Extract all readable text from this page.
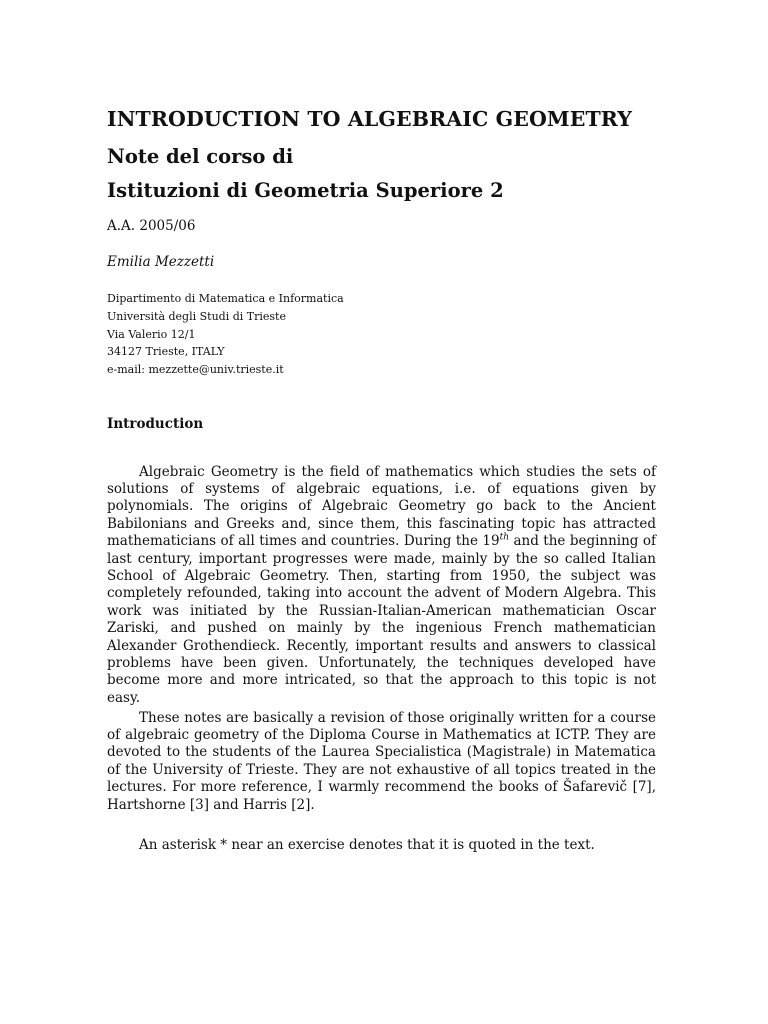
INTRODUCTION TO ALGEBRAIC GEOMETRY
Note del corso di
Istituzioni di Geometria Superiore 2
A.A. 2005/06
Emilia Mezzetti
Dipartimento di Matematica e Informatica
Università degli Studi di Trieste
Via Valerio 12/1
34127 Trieste, ITALY
e-mail: mezzette@univ.trieste.it
Introduction

Algebraic Geometry is the field of mathematics which studies the sets of solutions of systems of algebraic equations, i.e. of equations given by polynomials. The origins of Algebraic Geometry go back to the Ancient Babilonians and Greeks and, since them, this fascinating topic has attracted mathematicians of all times and countries. During the 19th and the beginning of last century, important progresses were made, mainly by the so called Italian School of Algebraic Geometry. Then, starting from 1950, the subject was completely refounded, taking into account the advent of Modern Algebra. This work was initiated by the Russian-Italian-American mathematician Oscar Zariski, and pushed on mainly by the ingenious French mathematician Alexander Grothendieck. Recently, important results and answers to classical problems have been given. Unfortunately, the techniques developed have become more and more intricated, so that the approach to this topic is not easy.

These notes are basically a revision of those originally written for a course of algebraic geometry of the Diploma Course in Mathematics at ICTP. They are devoted to the students of the Laurea Specialistica (Magistrale) in Matematica of the University of Trieste. They are not exhaustive of all topics treated in the lectures. For more reference, I warmly recommend the books of Šafarevič [7], Hartshorne [3] and Harris [2].

An asterisk * near an exercise denotes that it is quoted in the text.
